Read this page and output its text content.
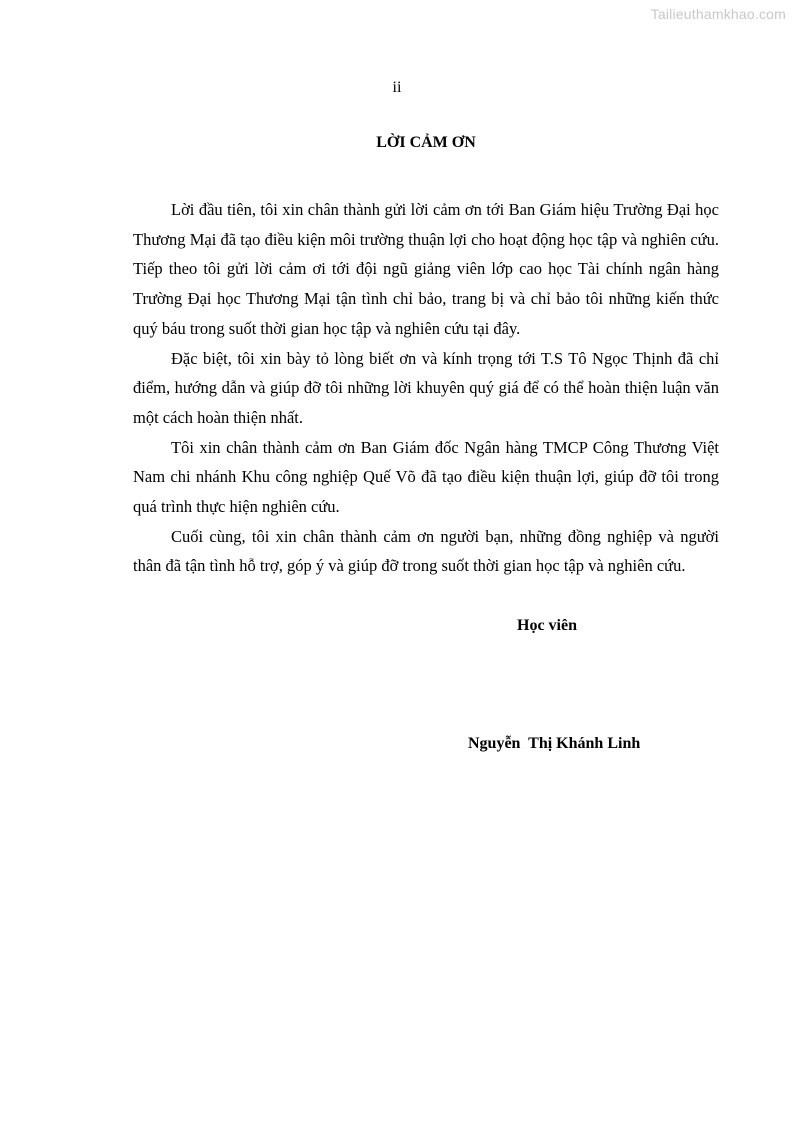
Tailieuthamkhao.com
ii
LỜI CẢM ƠN

Lời đầu tiên, tôi xin chân thành gửi lời cảm ơn tới Ban Giám hiệu Trường Đại học Thương Mại đã tạo điều kiện môi trường thuận lợi cho hoạt động học tập và nghiên cứu. Tiếp theo tôi gửi lời cảm ơi tới đội ngũ giảng viên lớp cao học Tài chính ngân hàng Trường Đại học Thương Mại tận tình chỉ bảo, trang bị và chỉ bảo tôi những kiến thức quý báu trong suốt thời gian học tập và nghiên cứu tại đây.

Đặc biệt, tôi xin bày tỏ lòng biết ơn và kính trọng tới T.S Tô Ngọc Thịnh đã chỉ điểm, hướng dẫn và giúp đỡ tôi những lời khuyên quý giá để có thể hoàn thiện luận văn một cách hoàn thiện nhất.

Tôi xin chân thành cảm ơn Ban Giám đốc Ngân hàng TMCP Công Thương Việt Nam chi nhánh Khu công nghiệp Quế Võ đã tạo điều kiện thuận lợi, giúp đỡ tôi trong quá trình thực hiện nghiên cứu.

Cuối cùng, tôi xin chân thành cảm ơn người bạn, những đồng nghiệp và người thân đã tận tình hỗ trợ, góp ý và giúp đỡ trong suốt thời gian học tập và nghiên cứu.

Học viên
Nguyễn  Thị Khánh Linh
